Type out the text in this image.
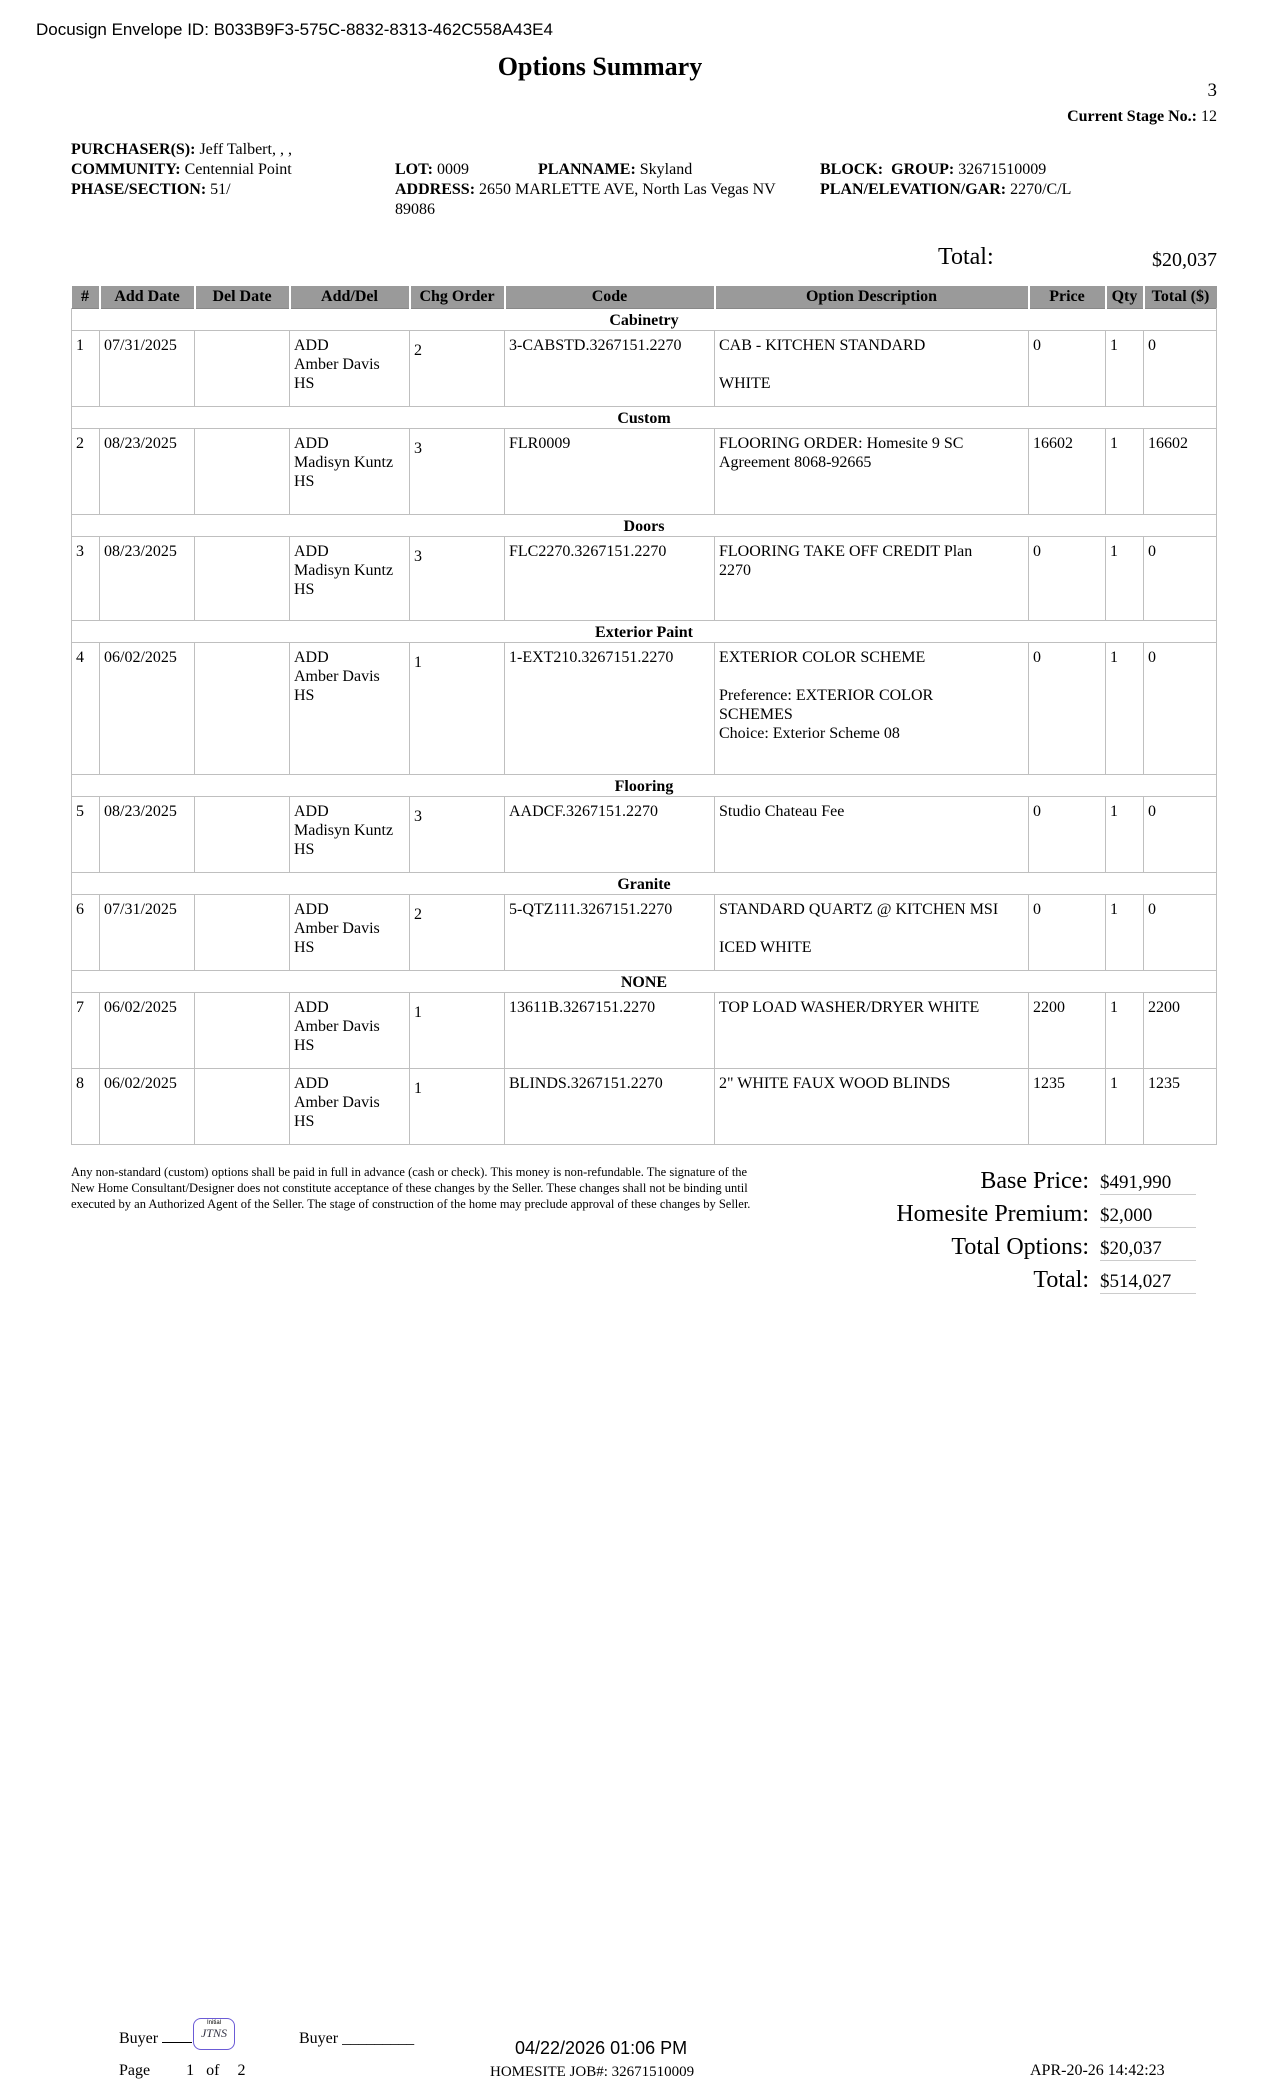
Docusign Envelope ID: B033B9F3-575C-8832-8313-462C558A43E4
Options Summary
3
Current Stage No.: 12
PURCHASER(S): Jeff Talbert, , ,
COMMUNITY: Centennial Point
PHASE/SECTION: 51/
LOT: 0009	PLANNAME: Skyland
ADDRESS: 2650 MARLETTE AVE, North Las Vegas NV 89086
BLOCK: GROUP: 32671510009
PLAN/ELEVATION/GAR: 2270/C/L
Total:	$20,037
#	Add Date	Del Date	Add/Del	Chg Order	Code	Option Description	Price	Qty	Total ($)
Cabinetry									
1	07/31/2025		ADD
Amber Davis
HS	2	3-CABSTD.3267151.2270	CAB - KITCHEN STANDARD

WHITE	0	1	0
Custom									
2	08/23/2025		ADD
Madisyn Kuntz
HS	3	FLR0009	FLOORING ORDER: Homesite 9 SC
Agreement 8068-92665	16602	1	16602
Doors									
3	08/23/2025		ADD
Madisyn Kuntz
HS	3	FLC2270.3267151.2270	FLOORING TAKE OFF CREDIT Plan
2270	0	1	0
Exterior Paint									
4	06/02/2025		ADD
Amber Davis
HS	1	1-EXT210.3267151.2270	EXTERIOR COLOR SCHEME

Preference: EXTERIOR COLOR
SCHEMES
Choice: Exterior Scheme 08	0	1	0
Flooring									
5	08/23/2025		ADD
Madisyn Kuntz
HS	3	AADCF.3267151.2270	Studio Chateau Fee	0	1	0
Granite									
6	07/31/2025		ADD
Amber Davis
HS	2	5-QTZ111.3267151.2270	STANDARD QUARTZ @ KITCHEN MSI

ICED WHITE	0	1	0
NONE									
7	06/02/2025		ADD
Amber Davis
HS	1	13611B.3267151.2270	TOP LOAD WASHER/DRYER WHITE	2200	1	2200
8	06/02/2025		ADD
Amber Davis
HS	1	BLINDS.3267151.2270	2" WHITE FAUX WOOD BLINDS	1235	1	1235
Any non-standard (custom) options shall be paid in full in advance (cash or check). This money is non-refundable. The signature of the New Home Consultant/Designer does not constitute acceptance of these changes by the Seller. These changes shall not be binding until executed by an Authorized Agent of the Seller. The stage of construction of the home may preclude approval of these changes by Seller.
Base Price: $491,990
Homesite Premium: $2,000
Total Options: $20,037
Total: $514,027
Buyer
Initial
JTNS	Buyer _________
Page 1 of 2
04/22/2026 01:06 PM
HOMESITE JOB#: 32671510009	APR-20-26 14:42:23
